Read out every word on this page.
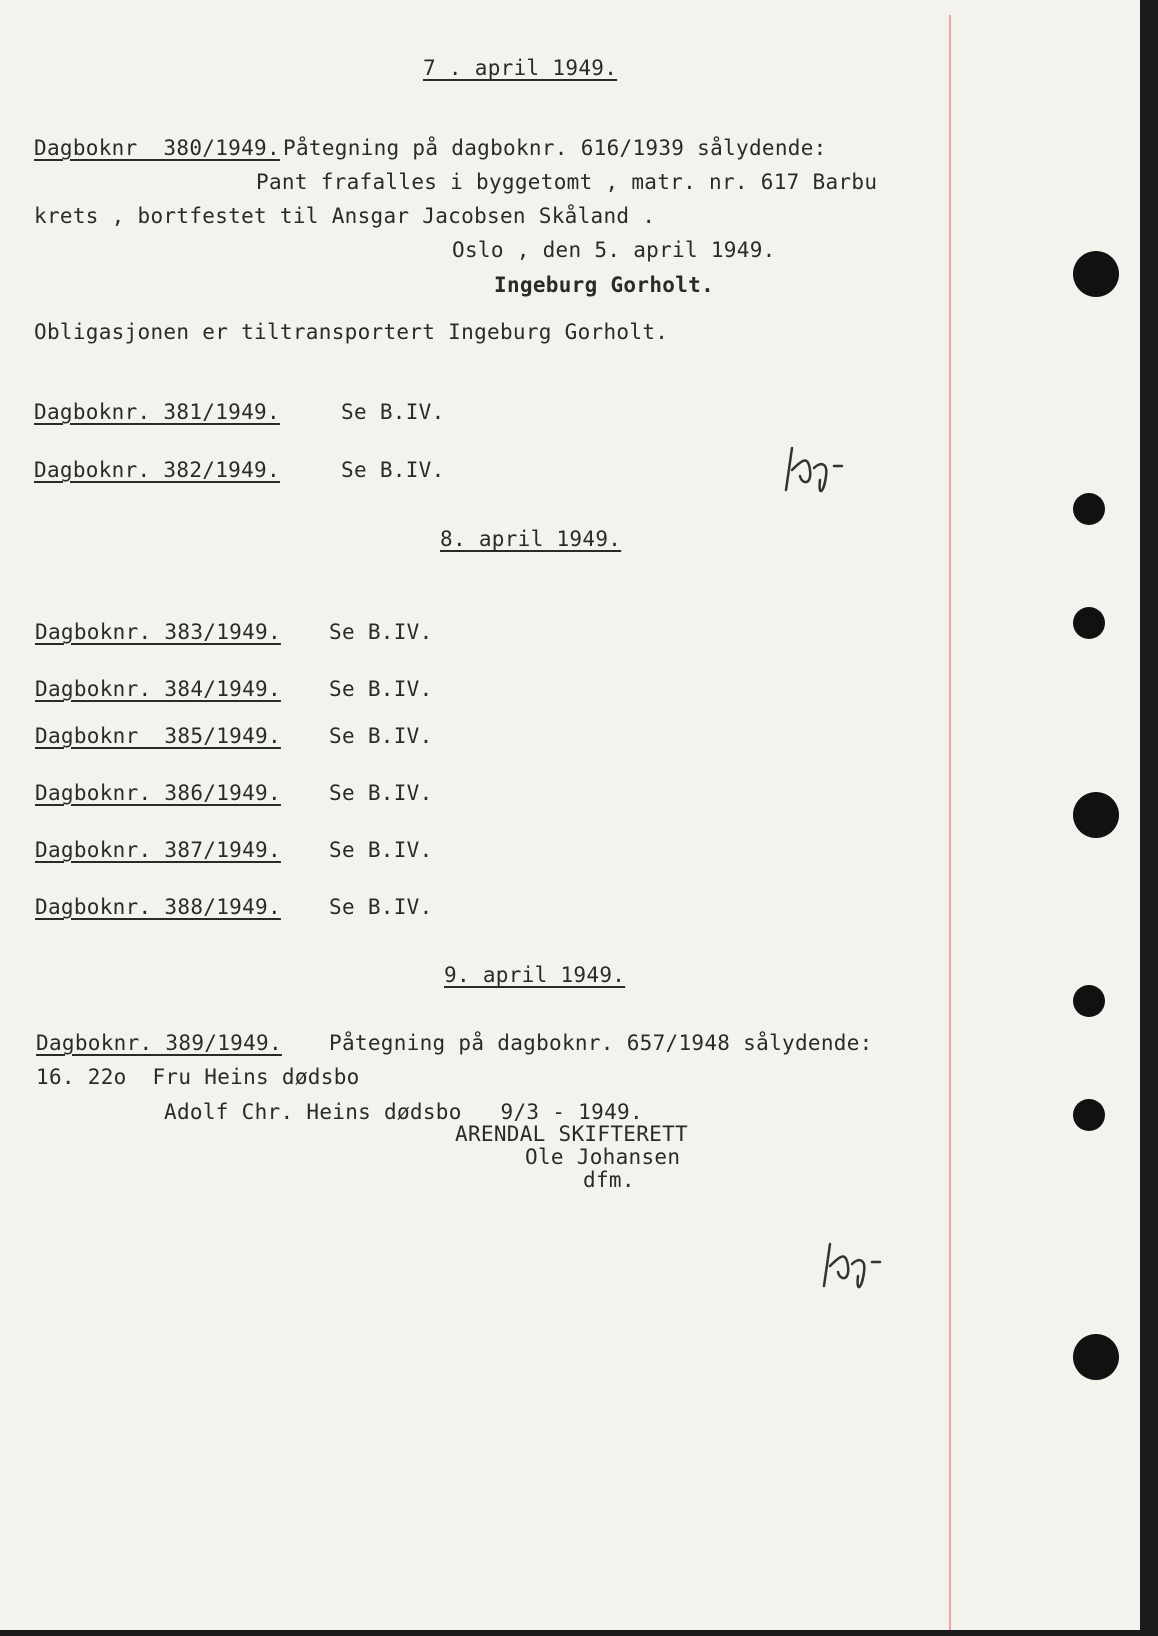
7 . april 1949.
Dagboknr  380/1949. Påtegning på dagboknr. 616/1939 sålydende:
Pant frafalles i byggetomt , matr. nr. 617 Barbu
krets , bortfestet til Ansgar Jacobsen Skåland .
Oslo , den 5. april 1949.
Ingeburg Gorholt.
Obligasjonen er tiltransportert Ingeburg Gorholt.
Dagboknr. 381/1949.	Se B.IV.
Dagboknr. 382/1949.	Se B.IV.
8. april 1949.
Dagboknr. 383/1949. Se B.IV.
Dagboknr. 384/1949. Se B.IV.
Dagboknr  385/1949. Se B.IV.
Dagboknr. 386/1949. Se B.IV.
Dagboknr. 387/1949. Se B.IV.
Dagboknr. 388/1949. Se B.IV.
9. april 1949.
Dagboknr. 389/1949. Påtegning på dagboknr. 657/1948 sålydende:
16. 22o  Fru Heins dødsbo
Adolf Chr. Heins dødsbo   9/3 - 1949.
ARENDAL SKIFTERETT
Ole Johansen
dfm.
